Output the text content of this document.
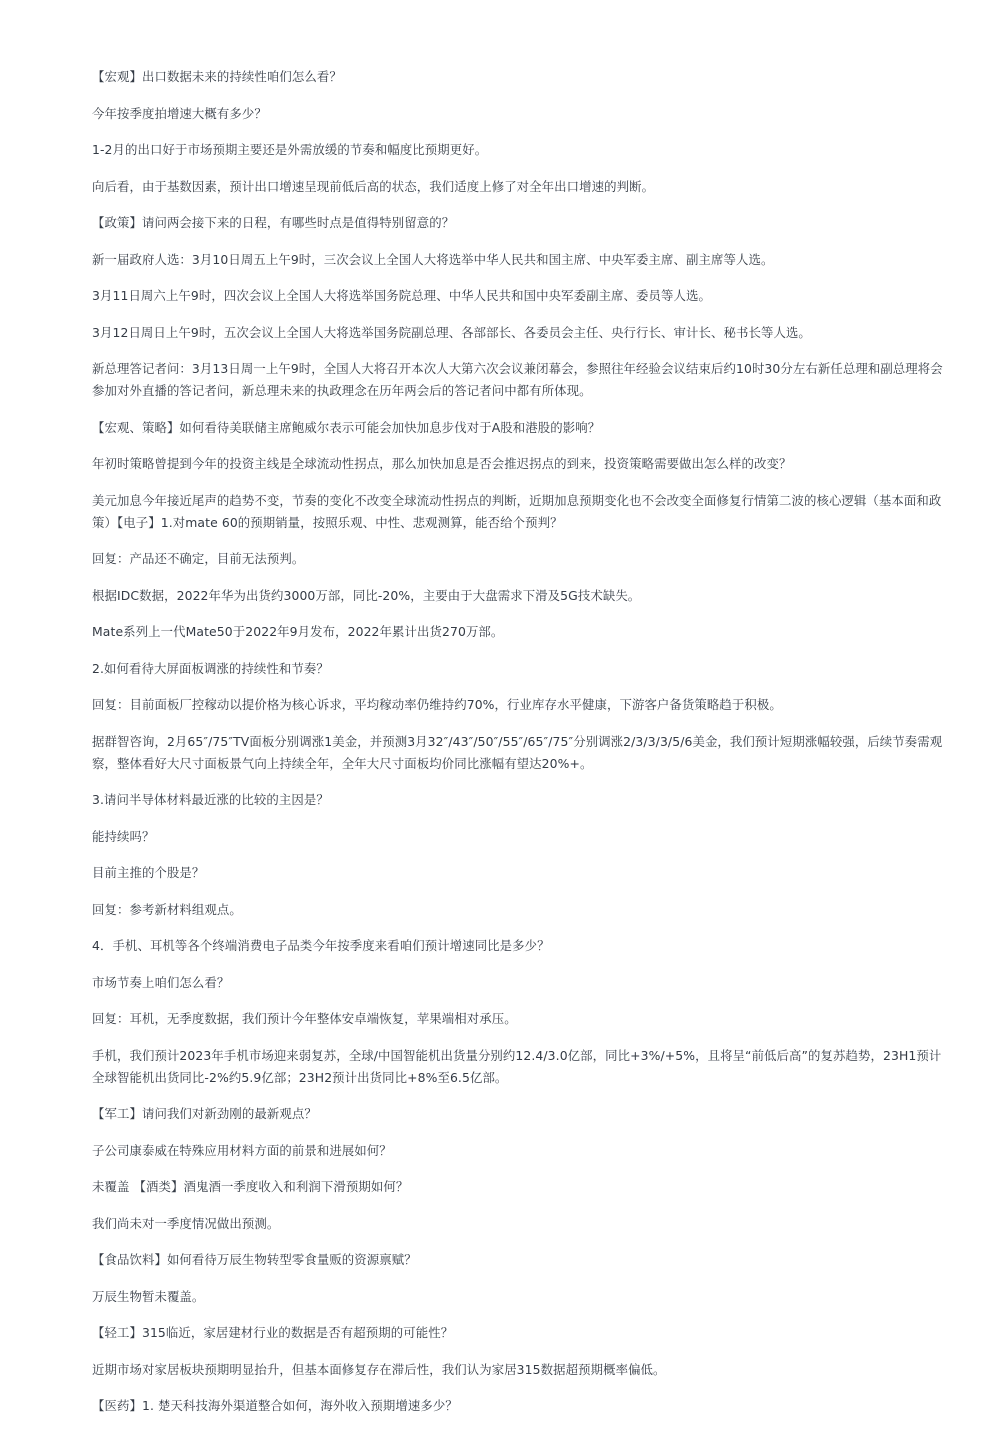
【宏观】出口数据未来的持续性咱们怎么看？

今年按季度拍增速大概有多少？

1-2月的出口好于市场预期主要还是外需放缓的节奏和幅度比预期更好。

向后看，由于基数因素，预计出口增速呈现前低后高的状态，我们适度上修了对全年出口增速的判断。

【政策】请问两会接下来的日程，有哪些时点是值得特别留意的？

新一届政府人选：3月10日周五上午9时，三次会议上全国人大将选举中华人民共和国主席、中央军委主席、副主席等人选。

3月11日周六上午9时，四次会议上全国人大将选举国务院总理、中华人民共和国中央军委副主席、委员等人选。

3月12日周日上午9时，五次会议上全国人大将选举国务院副总理、各部部长、各委员会主任、央行行长、审计长、秘书长等人选。

新总理答记者问：3月13日周一上午9时，全国人大将召开本次人大第六次会议兼闭幕会，参照往年经验会议结束后约10时30分左右新任总理和副总理将会参加对外直播的答记者问，新总理未来的执政理念在历年两会后的答记者问中都有所体现。

【宏观、策略】如何看待美联储主席鲍威尔表示可能会加快加息步伐对于A股和港股的影响？

年初时策略曾提到今年的投资主线是全球流动性拐点，那么加快加息是否会推迟拐点的到来，投资策略需要做出怎么样的改变？

美元加息今年接近尾声的趋势不变，节奏的变化不改变全球流动性拐点的判断，近期加息预期变化也不会改变全面修复行情第二波的核心逻辑（基本面和政策）【电子】1.对mate 60的预期销量，按照乐观、中性、悲观测算，能否给个预判？

回复：产品还不确定，目前无法预判。

根据IDC数据，2022年华为出货约3000万部，同比-20%，主要由于大盘需求下滑及5G技术缺失。

Mate系列上一代Mate50于2022年9月发布，2022年累计出货270万部。

2.如何看待大屏面板调涨的持续性和节奏？

回复：目前面板厂控稼动以提价格为核心诉求，平均稼动率仍维持约70%，行业库存水平健康，下游客户备货策略趋于积极。

据群智咨询，2月65″/75″TV面板分别调涨1美金，并预测3月32″/43″/50″/55″/65″/75″分别调涨2/3/3/3/5/6美金，我们预计短期涨幅较强，后续节奏需观察，整体看好大尺寸面板景气向上持续全年，全年大尺寸面板均价同比涨幅有望达20%+。

3.请问半导体材料最近涨的比较的主因是？

能持续吗？

目前主推的个股是？

回复：参考新材料组观点。

4．手机、耳机等各个终端消费电子品类今年按季度来看咱们预计增速同比是多少？

市场节奏上咱们怎么看？

回复：耳机，无季度数据，我们预计今年整体安卓端恢复，苹果端相对承压。

手机，我们预计2023年手机市场迎来弱复苏，全球/中国智能机出货量分别约12.4/3.0亿部，同比+3%/+5%，且将呈“前低后高”的复苏趋势，23H1预计全球智能机出货同比-2%约5.9亿部；23H2预计出货同比+8%至6.5亿部。

【军工】请问我们对新劲刚的最新观点？

子公司康泰威在特殊应用材料方面的前景和进展如何？

未覆盖 【酒类】酒鬼酒一季度收入和利润下滑预期如何？

我们尚未对一季度情况做出预测。

【食品饮料】如何看待万辰生物转型零食量贩的资源禀赋？

万辰生物暂未覆盖。

【轻工】315临近，家居建材行业的数据是否有超预期的可能性？

近期市场对家居板块预期明显抬升，但基本面修复存在滞后性，我们认为家居315数据超预期概率偏低。

【医药】1. 楚天科技海外渠道整合如何，海外收入预期增速多少？
